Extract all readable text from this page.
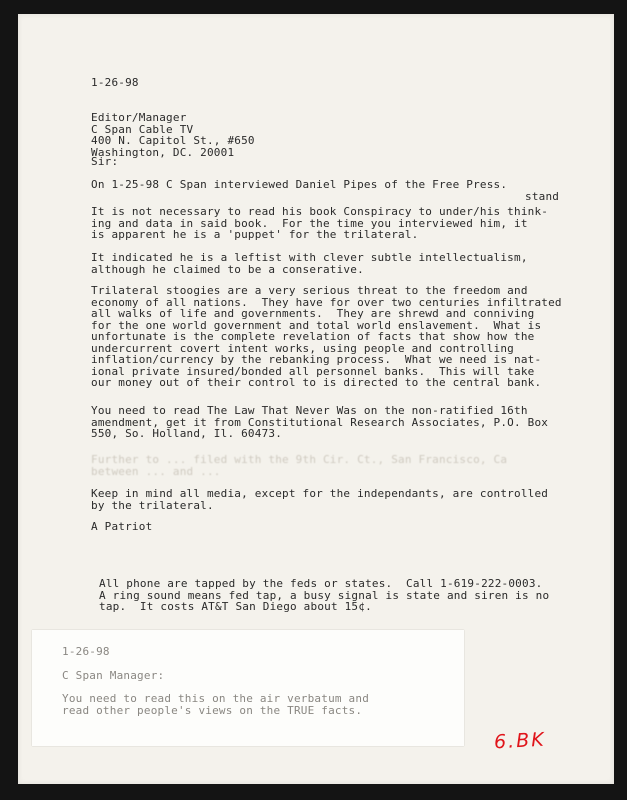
1-26-98
Editor/Manager
C Span Cable TV
400 N. Capitol St., #650
Washington, DC. 20001
Sir:
On 1-25-98 C Span interviewed Daniel Pipes of the Free Press.
stand
It is not necessary to read his book Conspiracy to under/his think-
ing and data in said book.  For the time you interviewed him, it
is apparent he is a 'puppet' for the trilateral.
It indicated he is a leftist with clever subtle intellectualism,
although he claimed to be a conserative.
Trilateral stoogies are a very serious threat to the freedom and
economy of all nations.  They have for over two centuries infiltrated
all walks of life and governments.  They are shrewd and conniving
for the one world government and total world enslavement.  What is
unfortunate is the complete revelation of facts that show how the
undercurrent covert intent works, using people and controlling
inflation/currency by the rebanking process.  What we need is nat-
ional private insured/bonded all personnel banks.  This will take
our money out of their control to is directed to the central bank.
You need to read The Law That Never Was on the non-ratified 16th
amendment, get it from Constitutional Research Associates, P.O. Box
550, So. Holland, Il. 60473.
Further to ... filed with the 9th Cir. Ct., San Francisco, Ca
between ... and ...
Keep in mind all media, except for the independants, are controlled
by the trilateral.
A Patriot
All phone are tapped by the feds or states.  Call 1-619-222-0003.
A ring sound means fed tap, a busy signal is state and siren is no
tap.  It costs AT&T San Diego about 15¢.
1-26-98
C Span Manager:
You need to read this on the air verbatum and
read other people's views on the TRUE facts.
6.BK
